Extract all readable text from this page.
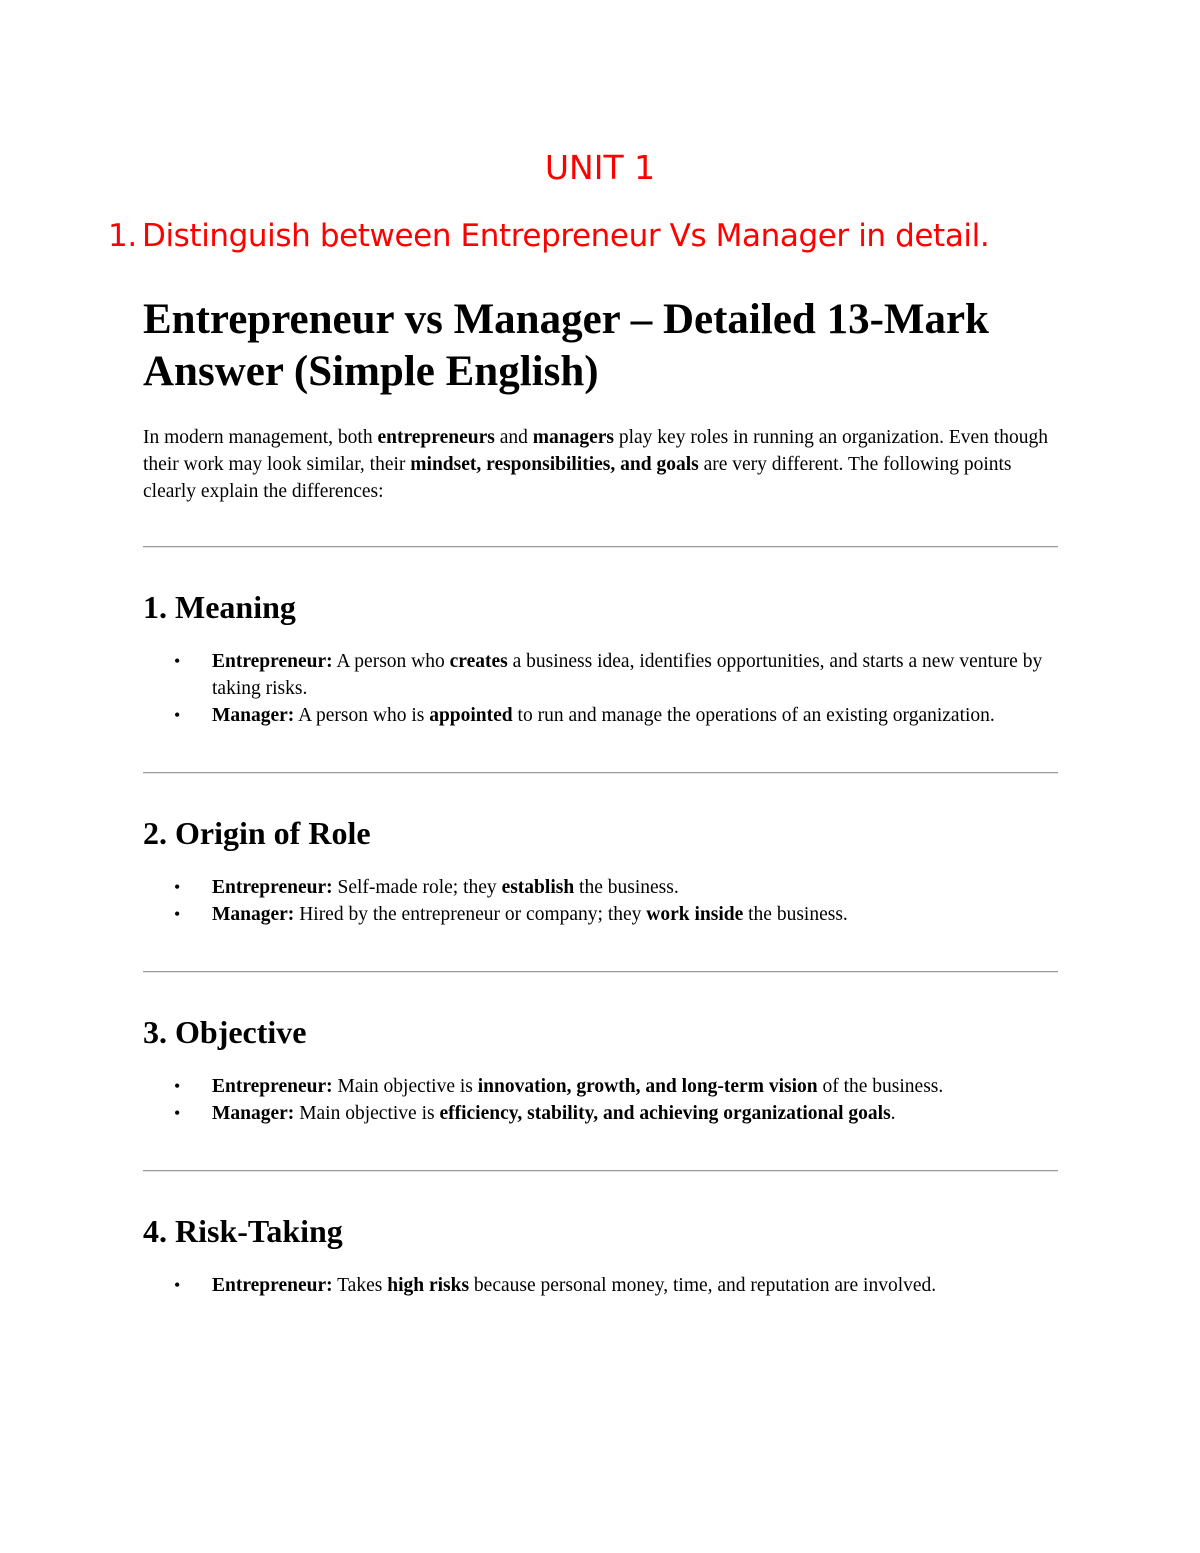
UNIT 1
1. Distinguish between Entrepreneur Vs Manager in detail.
Entrepreneur vs Manager – Detailed 13-Mark Answer (Simple English)

In modern management, both entrepreneurs and managers play key roles in running an organization. Even though their work may look similar, their mindset, responsibilities, and goals are very different. The following points clearly explain the differences:

1. Meaning
• Entrepreneur: A person who creates a business idea, identifies opportunities, and starts a new venture by taking risks.
• Manager: A person who is appointed to run and manage the operations of an existing organization.
2. Origin of Role
• Entrepreneur: Self-made role; they establish the business.
• Manager: Hired by the entrepreneur or company; they work inside the business.
3. Objective
• Entrepreneur: Main objective is innovation, growth, and long-term vision of the business.
• Manager: Main objective is efficiency, stability, and achieving organizational goals.
4. Risk-Taking
• Entrepreneur: Takes high risks because personal money, time, and reputation are involved.
